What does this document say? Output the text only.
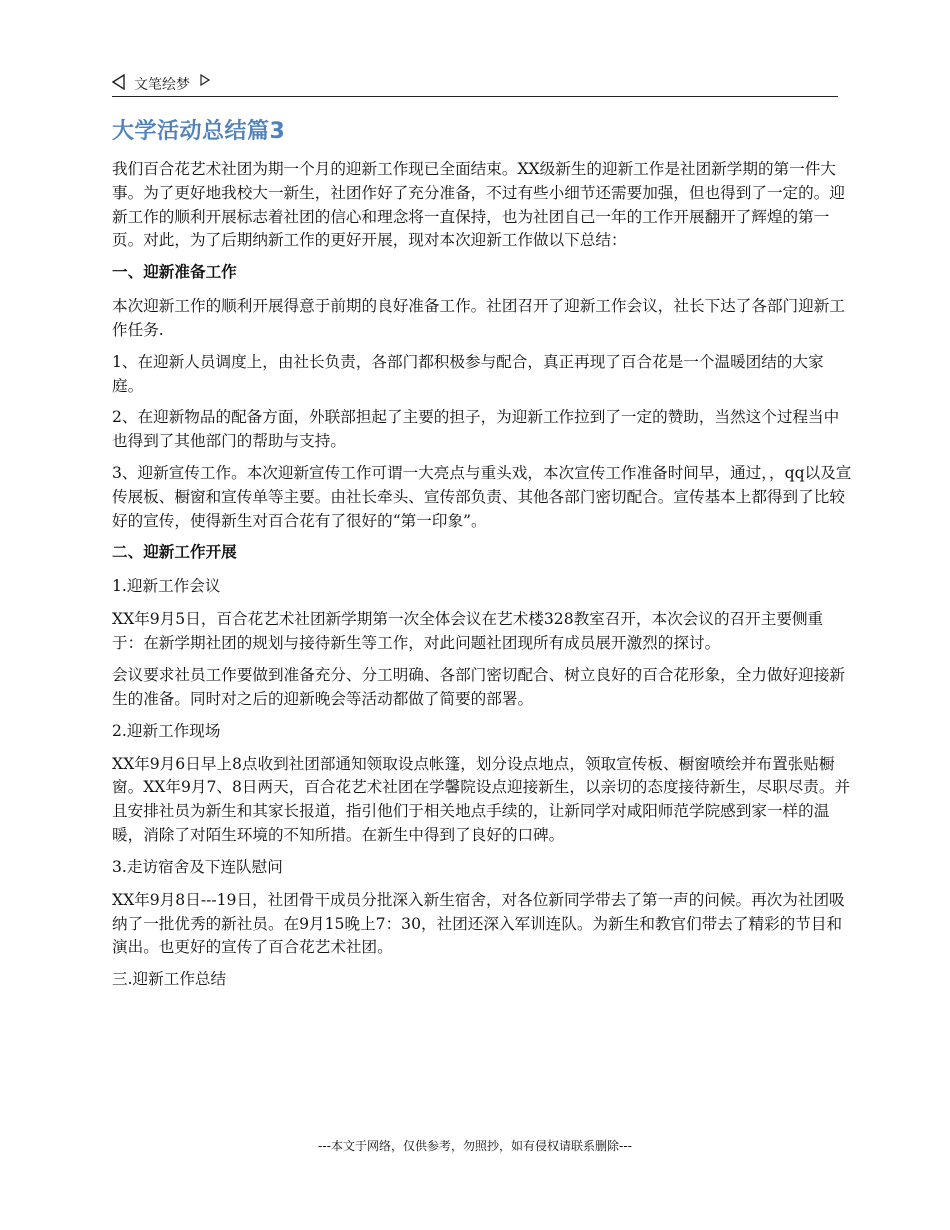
文笔绘梦
大学活动总结篇3

我们百合花艺术社团为期一个月的迎新工作现已全面结束。XX级新生的迎新工作是社团新学期的第一件大事。为了更好地我校大一新生，社团作好了充分准备，不过有些小细节还需要加强，但也得到了一定的。迎新工作的顺利开展标志着社团的信心和理念将一直保持，也为社团自己一年的工作开展翻开了辉煌的第一页。对此，为了后期纳新工作的更好开展，现对本次迎新工作做以下总结：

一、迎新准备工作

本次迎新工作的顺利开展得意于前期的良好准备工作。社团召开了迎新工作会议，社长下达了各部门迎新工作任务.

1、在迎新人员调度上，由社长负责，各部门都积极参与配合，真正再现了百合花是一个温暖团结的大家庭。

2、在迎新物品的配备方面，外联部担起了主要的担子，为迎新工作拉到了一定的赞助，当然这个过程当中也得到了其他部门的帮助与支持。

3、迎新宣传工作。本次迎新宣传工作可谓一大亮点与重头戏，本次宣传工作准备时间早，通过，，qq以及宣传展板、橱窗和宣传单等主要。由社长牵头、宣传部负责、其他各部门密切配合。宣传基本上都得到了比较好的宣传，使得新生对百合花有了很好的“第一印象”。

二、迎新工作开展
1.迎新工作会议

XX年9月5日，百合花艺术社团新学期第一次全体会议在艺术楼328教室召开，本次会议的召开主要侧重于：在新学期社团的规划与接待新生等工作，对此问题社团现所有成员展开激烈的探讨。

会议要求社员工作要做到准备充分、分工明确、各部门密切配合、树立良好的百合花形象，全力做好迎接新生的准备。同时对之后的迎新晚会等活动都做了简要的部署。

2.迎新工作现场

XX年9月6日早上8点收到社团部通知领取设点帐篷，划分设点地点，领取宣传板、橱窗喷绘并布置张贴橱窗。XX年9月7、8日两天，百合花艺术社团在学馨院设点迎接新生，以亲切的态度接待新生，尽职尽责。并且安排社员为新生和其家长报道，指引他们于相关地点手续的，让新同学对咸阳师范学院感到家一样的温暖，消除了对陌生环境的不知所措。在新生中得到了良好的口碑。

3.走访宿舍及下连队慰问

XX年9月8日---19日，社团骨干成员分批深入新生宿舍，对各位新同学带去了第一声的问候。再次为社团吸纳了一批优秀的新社员。在9月15晚上7：30，社团还深入军训连队。为新生和教官们带去了精彩的节目和演出。也更好的宣传了百合花艺术社团。

三.迎新工作总结
---本文于网络，仅供参考，勿照抄，如有侵权请联系删除---
